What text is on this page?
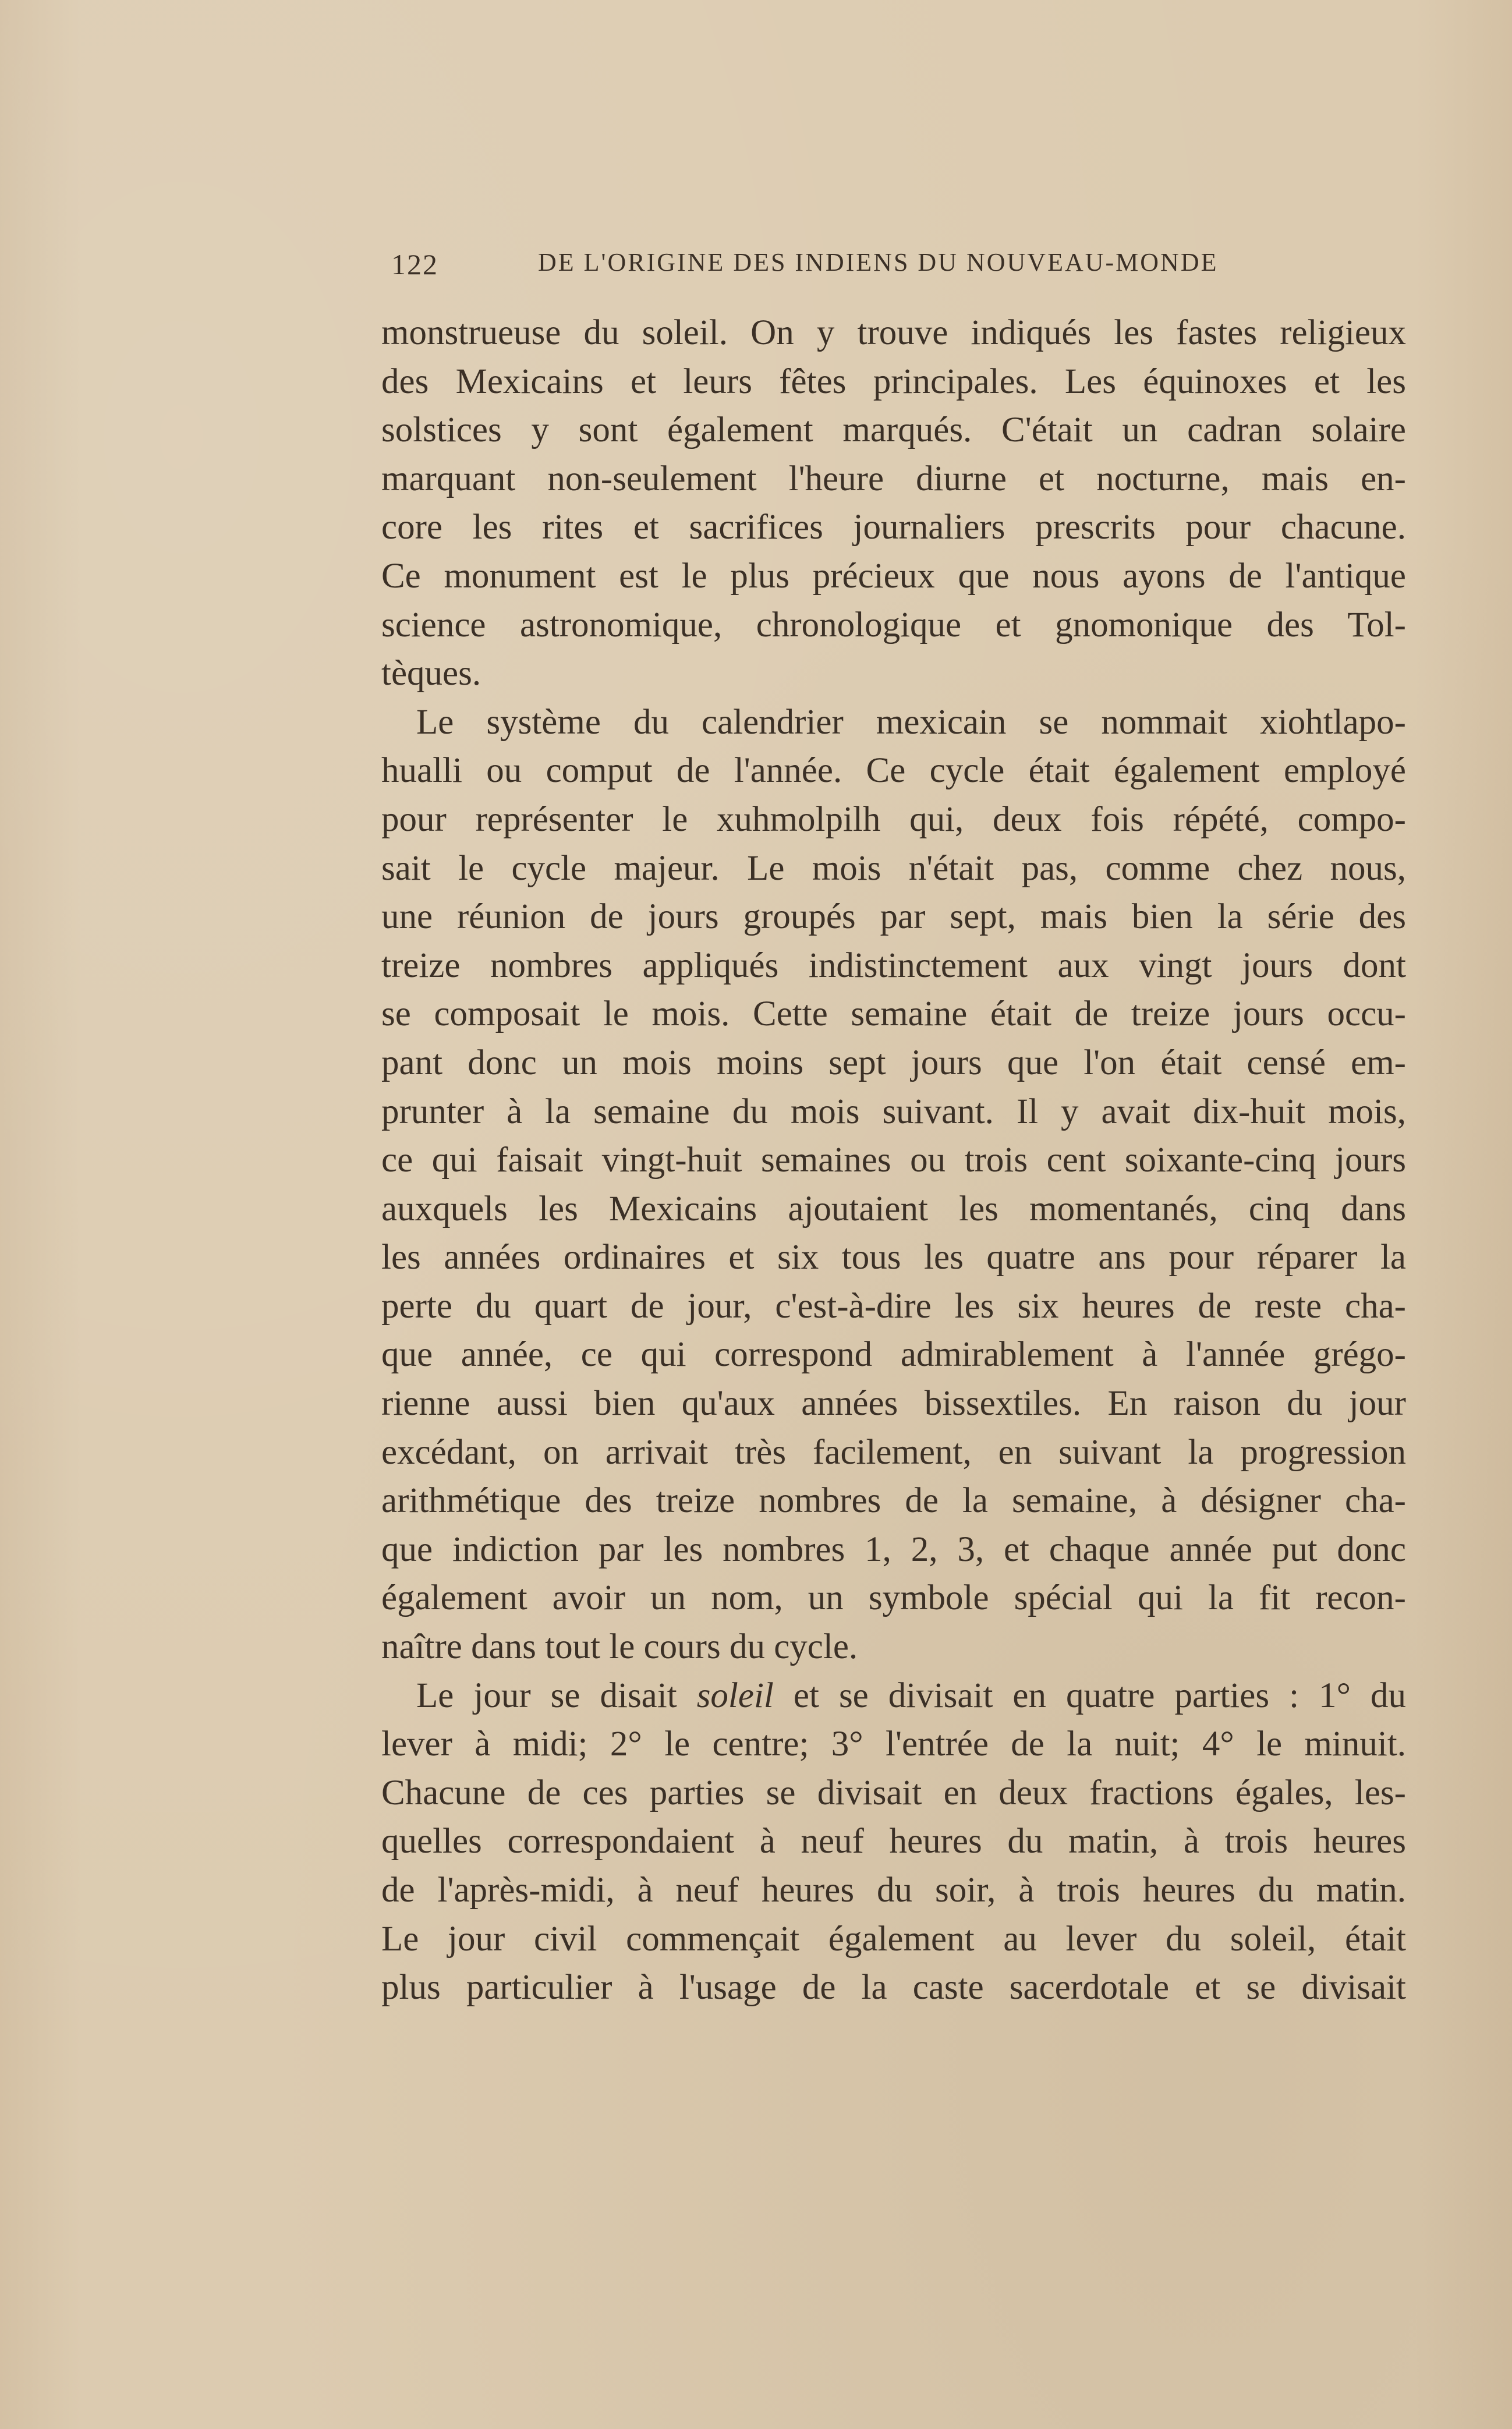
122	DE L'ORIGINE DES INDIENS DU NOUVEAU-MONDE
monstrueuse du soleil. On y trouve indiqués les fastes religieux
des Mexicains et leurs fêtes principales. Les équinoxes et les
solstices y sont également marqués. C'était un cadran solaire
marquant non-seulement l'heure diurne et nocturne, mais en-
core les rites et sacrifices journaliers prescrits pour chacune.
Ce monument est le plus précieux que nous ayons de l'antique
science astronomique, chronologique et gnomonique des Tol-
tèques.
Le système du calendrier mexicain se nommait xiohtlapo-
hualli ou comput de l'année. Ce cycle était également employé
pour représenter le xuhmolpilh qui, deux fois répété, compo-
sait le cycle majeur. Le mois n'était pas, comme chez nous,
une réunion de jours groupés par sept, mais bien la série des
treize nombres appliqués indistinctement aux vingt jours dont
se composait le mois. Cette semaine était de treize jours occu-
pant donc un mois moins sept jours que l'on était censé em-
prunter à la semaine du mois suivant. Il y avait dix-huit mois,
ce qui faisait vingt-huit semaines ou trois cent soixante-cinq jours
auxquels les Mexicains ajoutaient les momentanés, cinq dans
les années ordinaires et six tous les quatre ans pour réparer la
perte du quart de jour, c'est-à-dire les six heures de reste cha-
que année, ce qui correspond admirablement à l'année grégo-
rienne aussi bien qu'aux années bissextiles. En raison du jour
excédant, on arrivait très facilement, en suivant la progression
arithmétique des treize nombres de la semaine, à désigner cha-
que indiction par les nombres 1, 2, 3, et chaque année put donc
également avoir un nom, un symbole spécial qui la fit recon-
naître dans tout le cours du cycle.
Le jour se disait soleil et se divisait en quatre parties : 1° du
lever à midi; 2° le centre; 3° l'entrée de la nuit; 4° le minuit.
Chacune de ces parties se divisait en deux fractions égales, les-
quelles correspondaient à neuf heures du matin, à trois heures
de l'après-midi, à neuf heures du soir, à trois heures du matin.
Le jour civil commençait également au lever du soleil, était
plus particulier à l'usage de la caste sacerdotale et se divisait
